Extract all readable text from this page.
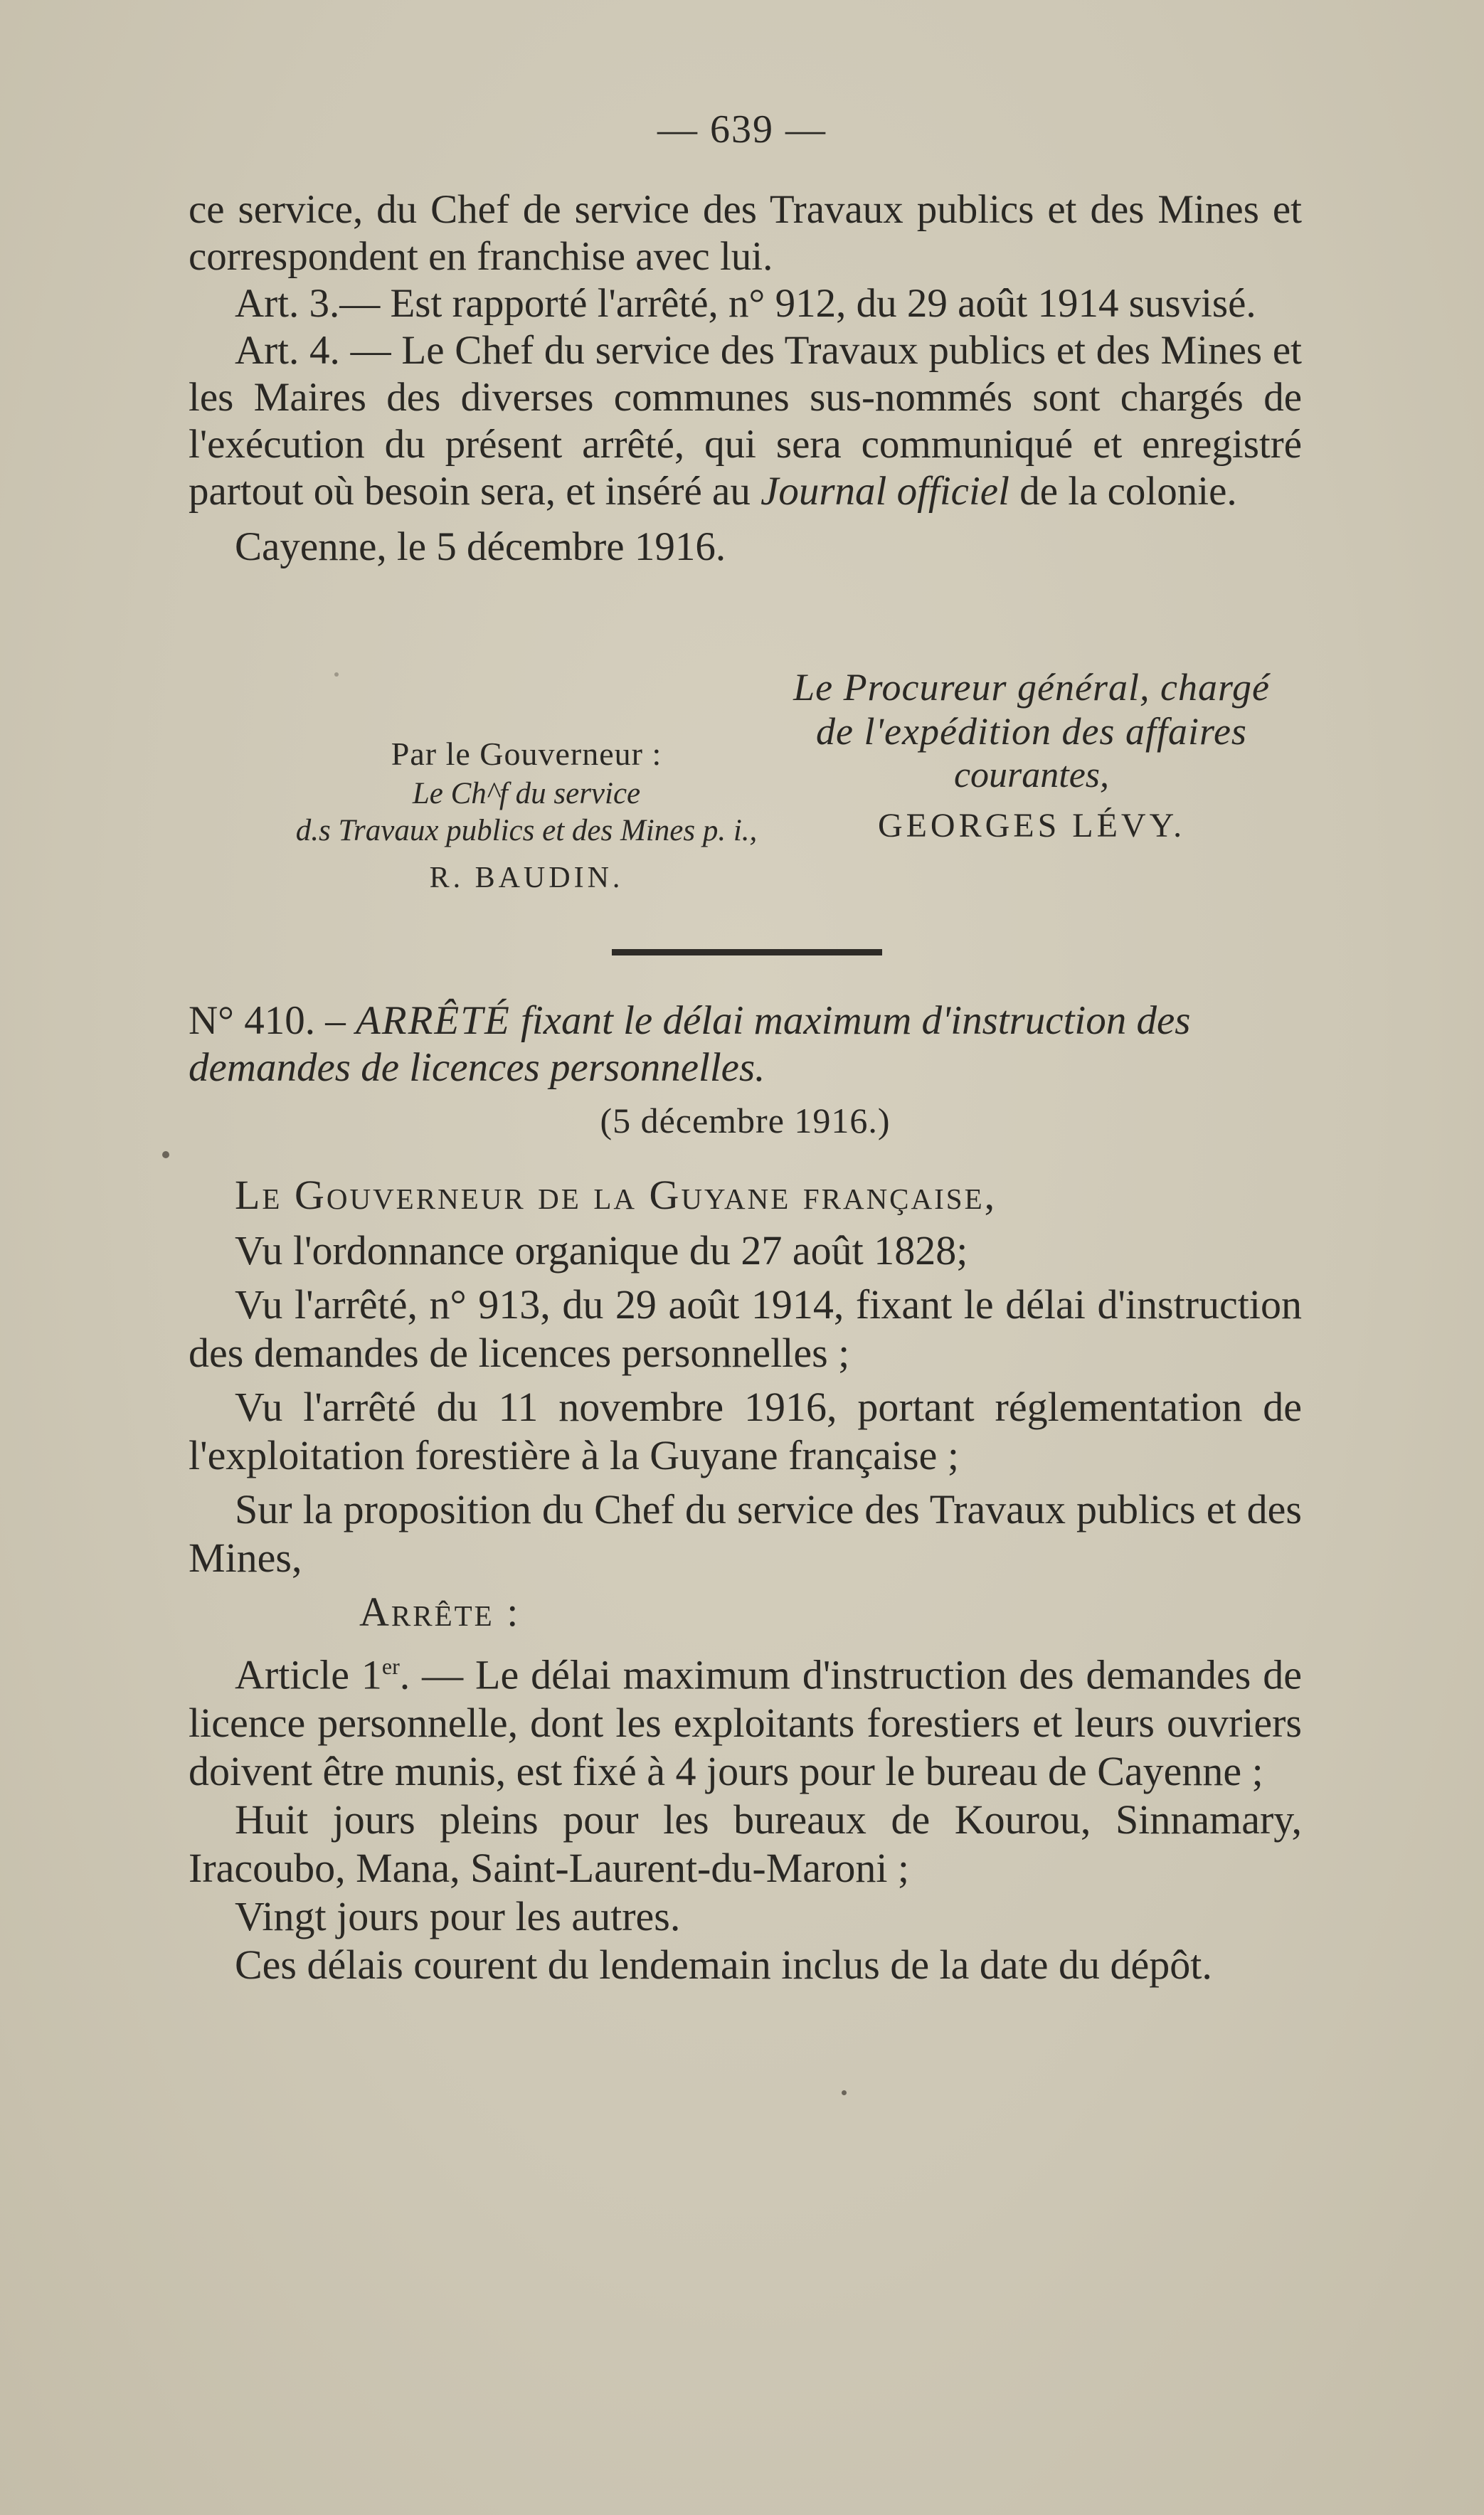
— 639 —

ce service, du Chef de service des Travaux publics et des Mines et correspondent en franchise avec lui.

Art. 3.— Est rapporté l'arrêté, n° 912, du 29 août 1914 susvisé.

Art. 4. — Le Chef du service des Travaux publics et des Mines et les Maires des diverses communes sus-nommés sont chargés de l'exécution du présent arrêté, qui sera communiqué et enregistré partout où besoin sera, et inséré au Journal officiel de la colonie.

Cayenne, le 5 décembre 1916.

Par le Gouverneur :

Le Ch^f du service

d.s Travaux publics et des Mines p. i.,

R. BAUDIN.

Le Procureur général, chargé

de l'expédition des affaires

courantes,

GEORGES LÉVY.

N° 410. – ARRÊTÉ fixant le délai maximum d'instruction des demandes de licences personnelles.

(5 décembre 1916.)

Le Gouverneur de la Guyane française,

Vu l'ordonnance organique du 27 août 1828;

Vu l'arrêté, n° 913, du 29 août 1914, fixant le délai d'instruction des demandes de licences personnelles ;

Vu l'arrêté du 11 novembre 1916, portant réglementation de l'exploitation forestière à la Guyane française ;

Sur la proposition du Chef du service des Travaux publics et des Mines,

Arrête :

Article 1er. — Le délai maximum d'instruction des demandes de licence personnelle, dont les exploitants forestiers et leurs ouvriers doivent être munis, est fixé à 4 jours pour le bureau de Cayenne ;

Huit jours pleins pour les bureaux de Kourou, Sinnamary, Iracoubo, Mana, Saint-Laurent-du-Maroni ;

Vingt jours pour les autres.

Ces délais courent du lendemain inclus de la date du dépôt.
